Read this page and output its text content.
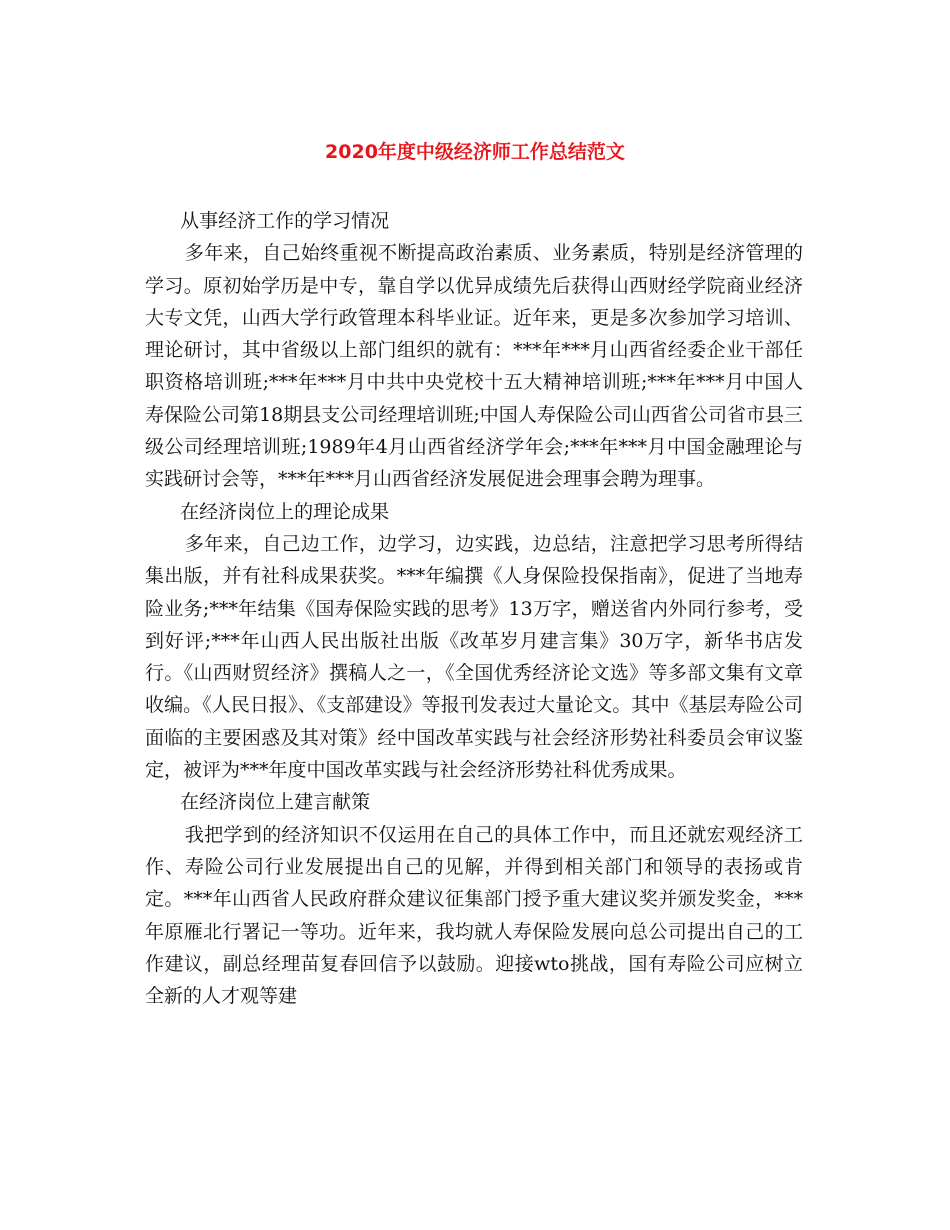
2020年度中级经济师工作总结范文

从事经济工作的学习情况

多年来，自己始终重视不断提高政治素质、业务素质，特别是经济管理的学习。原初始学历是中专，靠自学以优异成绩先后获得山西财经学院商业经济大专文凭，山西大学行政管理本科毕业证。近年来，更是多次参加学习培训、理论研讨，其中省级以上部门组织的就有：***年***月山西省经委企业干部任职资格培训班;***年***月中共中央党校十五大精神培训班;***年***月中国人寿保险公司第18期县支公司经理培训班;中国人寿保险公司山西省公司省市县三级公司经理培训班;1989年4月山西省经济学年会;***年***月中国金融理论与实践研讨会等，***年***月山西省经济发展促进会理事会聘为理事。

在经济岗位上的理论成果

多年来，自己边工作，边学习，边实践，边总结，注意把学习思考所得结集出版，并有社科成果获奖。***年编撰《人身保险投保指南》，促进了当地寿险业务;***年结集《国寿保险实践的思考》13万字，赠送省内外同行参考，受到好评;***年山西人民出版社出版《改革岁月建言集》30万字，新华书店发行。《山西财贸经济》撰稿人之一，《全国优秀经济论文选》等多部文集有文章收编。《人民日报》、《支部建设》等报刊发表过大量论文。其中《基层寿险公司面临的主要困惑及其对策》经中国改革实践与社会经济形势社科委员会审议鉴定，被评为***年度中国改革实践与社会经济形势社科优秀成果。

在经济岗位上建言献策

我把学到的经济知识不仅运用在自己的具体工作中，而且还就宏观经济工作、寿险公司行业发展提出自己的见解，并得到相关部门和领导的表扬或肯定。***年山西省人民政府群众建议征集部门授予重大建议奖并颁发奖金，***年原雁北行署记一等功。近年来，我均就人寿保险发展向总公司提出自己的工作建议，副总经理苗复春回信予以鼓励。迎接wto挑战，国有寿险公司应树立全新的人才观等建
